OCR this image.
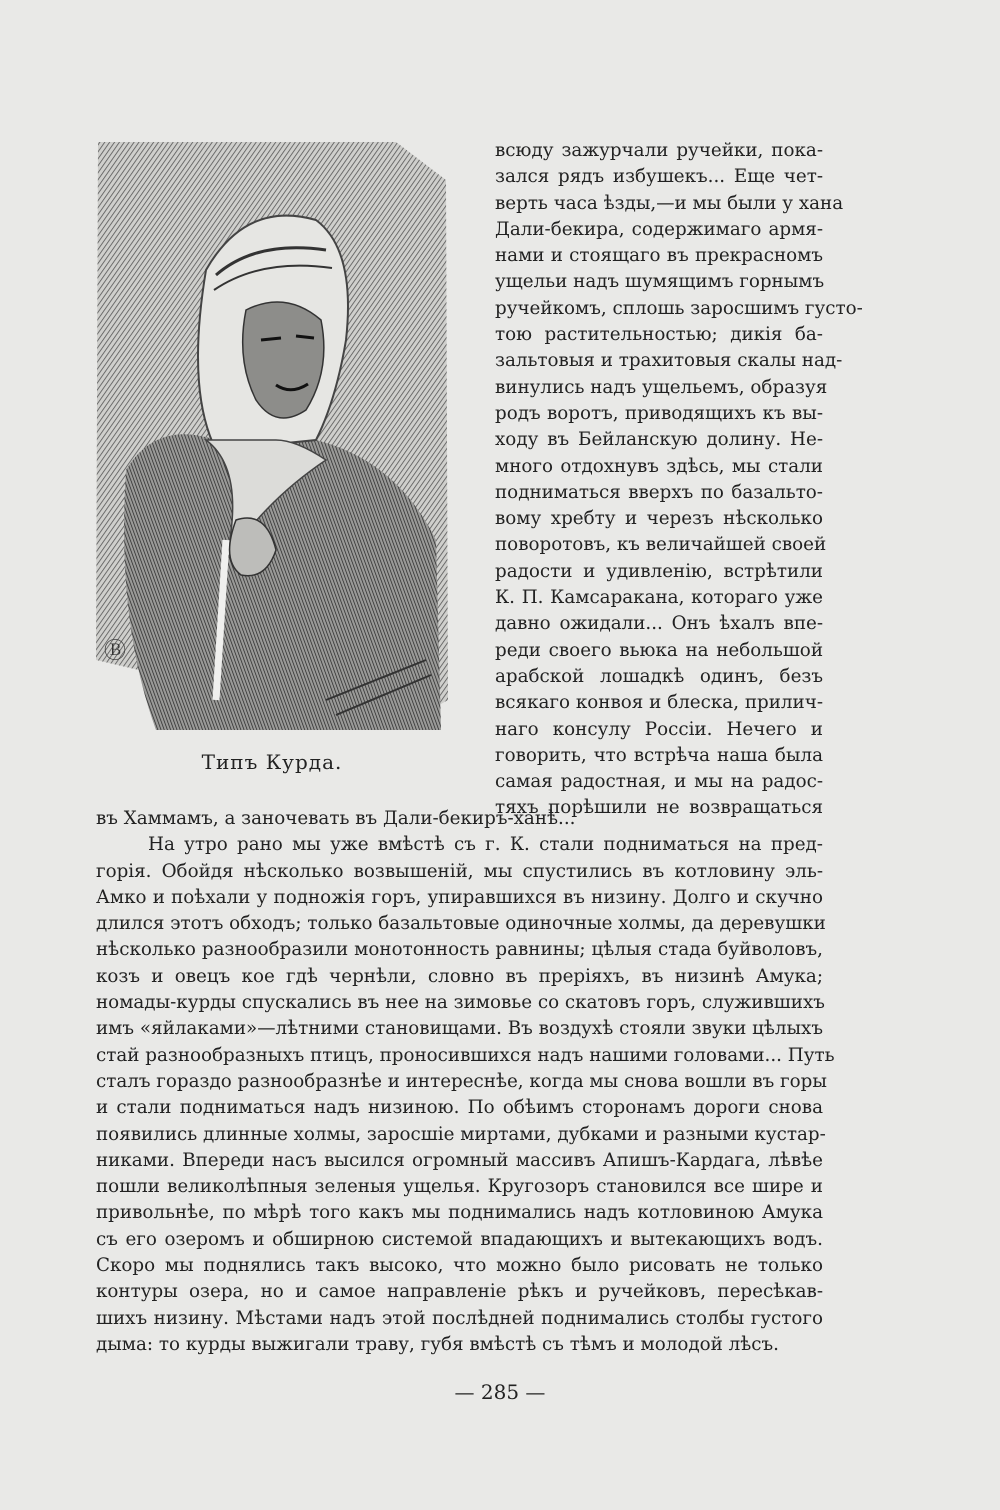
Ⓑ
Типъ Курда.
всюду зажурчали ручейки, пока-
зался рядъ избушекъ... Еще чет-
верть часа ѣзды,—и мы были у хана
Дали-бекира, содержимаго армя-
нами и стоящаго въ прекрасномъ
ущельи надъ шумящимъ горнымъ
ручейкомъ, сплошь заросшимъ густо-
тою растительностью; дикія ба-
зальтовыя и трахитовыя скалы над-
винулись надъ ущельемъ, образуя
родъ воротъ, приводящихъ къ вы-
ходу въ Бейланскую долину. Не-
много отдохнувъ здѣсь, мы стали
подниматься вверхъ по базальто-
вому хребту и черезъ нѣсколько
поворотовъ, къ величайшей своей
радости и удивленію, встрѣтили
К. П. Камсаракана, котораго уже
давно ожидали... Онъ ѣхалъ впе-
реди своего вьюка на небольшой
арабской лошадкѣ одинъ, безъ
всякаго конвоя и блеска, прилич-
наго консулу Россіи. Нечего и
говорить, что встрѣча наша была
самая радостная, и мы на радос-
тяхъ порѣшили не возвращаться
въ Хаммамъ, а заночевать въ Дали-бекиръ-ханѣ...
На утро рано мы уже вмѣстѣ съ г. К. стали подниматься на пред-
горія. Обойдя нѣсколько возвышеній, мы спустились въ котловину эль-
Амко и поѣхали у подножія горъ, упиравшихся въ низину. Долго и скучно
длился этотъ обходъ; только базальтовые одиночные холмы, да деревушки
нѣсколько разнообразили монотонность равнины; цѣлыя стада буйволовъ,
козъ и овецъ кое гдѣ чернѣли, словно въ преріяхъ, въ низинѣ Амука;
номады-курды спускались въ нее на зимовье со скатовъ горъ, служившихъ
имъ «яйлаками»—лѣтними становищами. Въ воздухѣ стояли звуки цѣлыхъ
стай разнообразныхъ птицъ, проносившихся надъ нашими головами... Путь
сталъ гораздо разнообразнѣе и интереснѣе, когда мы снова вошли въ горы
и стали подниматься надъ низиною. По обѣимъ сторонамъ дороги снова
появились длинные холмы, заросшіе миртами, дубками и разными кустар-
никами. Впереди насъ высился огромный массивъ Апишъ-Кардага, лѣвѣе
пошли великолѣпныя зеленыя ущелья. Кругозоръ становился все шире и
привольнѣе, по мѣрѣ того какъ мы поднимались надъ котловиною Амука
съ его озеромъ и обширною системой впадающихъ и вытекающихъ водъ.
Скоро мы поднялись такъ высоко, что можно было рисовать не только
контуры озера, но и самое направленіе рѣкъ и ручейковъ, пересѣкав-
шихъ низину. Мѣстами надъ этой послѣдней поднимались столбы густого
дыма: то курды выжигали траву, губя вмѣстѣ съ тѣмъ и молодой лѣсъ.
— 285 —
